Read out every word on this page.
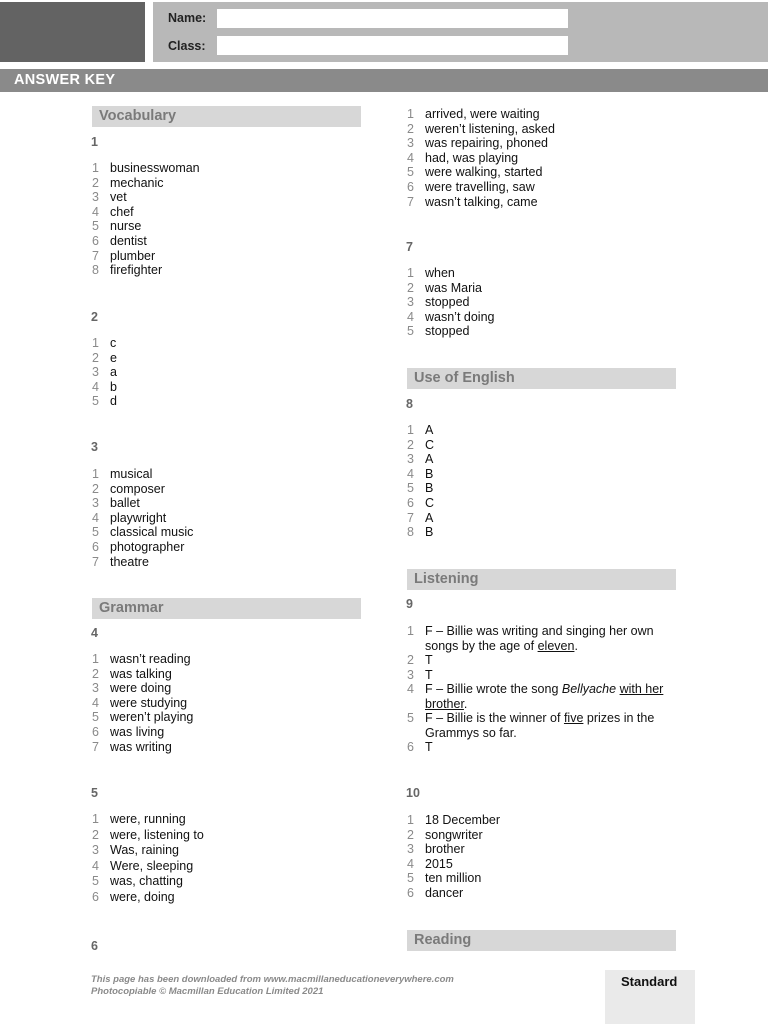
Name:
Class:
ANSWER KEY
Vocabulary
1
2
3
Grammar
4
5
6
7
Use of English
8
Listening
9
1 F – Billie was writing and singing her own songs by the age of eleven.
2 T
3 T
4 F – Billie wrote the song Bellyache with her brother.
5 F – Billie is the winner of five prizes in the Grammys so far.
6 T
10
Reading
This page has been downloaded from www.macmillaneducationeverywhere.com
Photocopiable © Macmillan Education Limited 2021
Standard
1 businesswoman
2 mechanic
3 vet
4 chef
5 nurse
6 dentist
7 plumber
8 firefighter
1 c
2 e
3 a
4 b
5 d
1 musical
2 composer
3 ballet
4 playwright
5 classical music
6 photographer
7 theatre
1 wasn’t reading
2 was talking
3 were doing
4 were studying
5 weren’t playing
6 was living
7 was writing
1 were, running
2 were, listening to
3 Was, raining
4 Were, sleeping
5 was, chatting
6 were, doing
1 arrived, were waiting
2 weren’t listening, asked
3 was repairing, phoned
4 had, was playing
5 were walking, started
6 were travelling, saw
7 wasn’t talking, came
1 when
2 was Maria
3 stopped
4 wasn’t doing
5 stopped
1 A
2 C
3 A
4 B
5 B
6 C
7 A
8 B
1 18 December
2 songwriter
3 brother
4 2015
5 ten million
6 dancer
